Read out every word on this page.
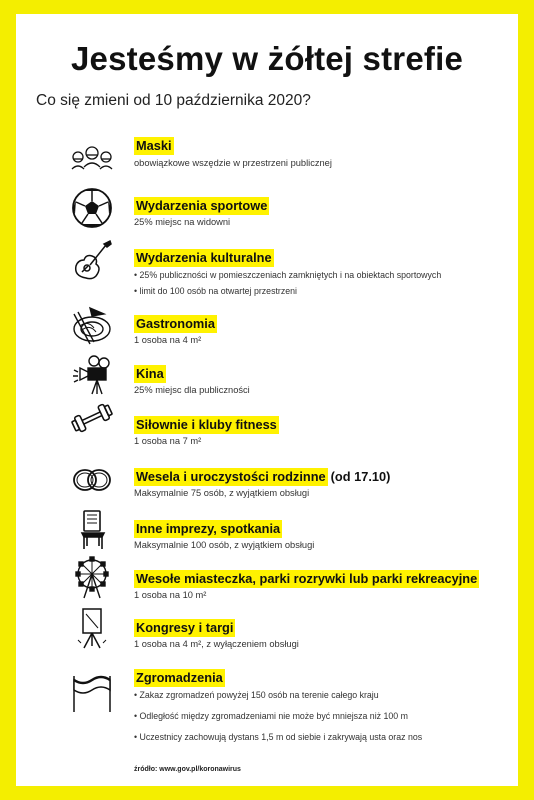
Jesteśmy w żółtej strefie
Co się zmieni od 10 października 2020?
Maski
obowiązkowe wszędzie w przestrzeni publicznej
Wydarzenia sportowe
25% miejsc na widowni
Wydarzenia kulturalne
• 25% publiczności w pomieszczeniach zamkniętych i na obiektach sportowych
• limit do 100 osób na otwartej przestrzeni
Gastronomia
1 osoba na 4 m²
Kina
25% miejsc dla publiczności
Siłownie i kluby fitness
1 osoba na 7 m²
Wesela i uroczystości rodzinne (od 17.10)
Maksymalnie 75 osób, z wyjątkiem obsługi
Inne imprezy, spotkania
Maksymalnie 100 osób, z wyjątkiem obsługi
Wesołe miasteczka, parki rozrywki lub parki rekreacyjne
1 osoba na 10 m²
Kongresy i targi
1 osoba na 4 m², z wyłączeniem obsługi
Zgromadzenia
• Zakaz zgromadzeń powyżej 150 osób na terenie całego kraju
• Odległość między zgromadzeniami nie może być mniejsza niż 100 m
• Uczestnicy zachowują dystans 1,5 m od siebie i zakrywają usta oraz nos
źródło: www.gov.pl/koronawirus
